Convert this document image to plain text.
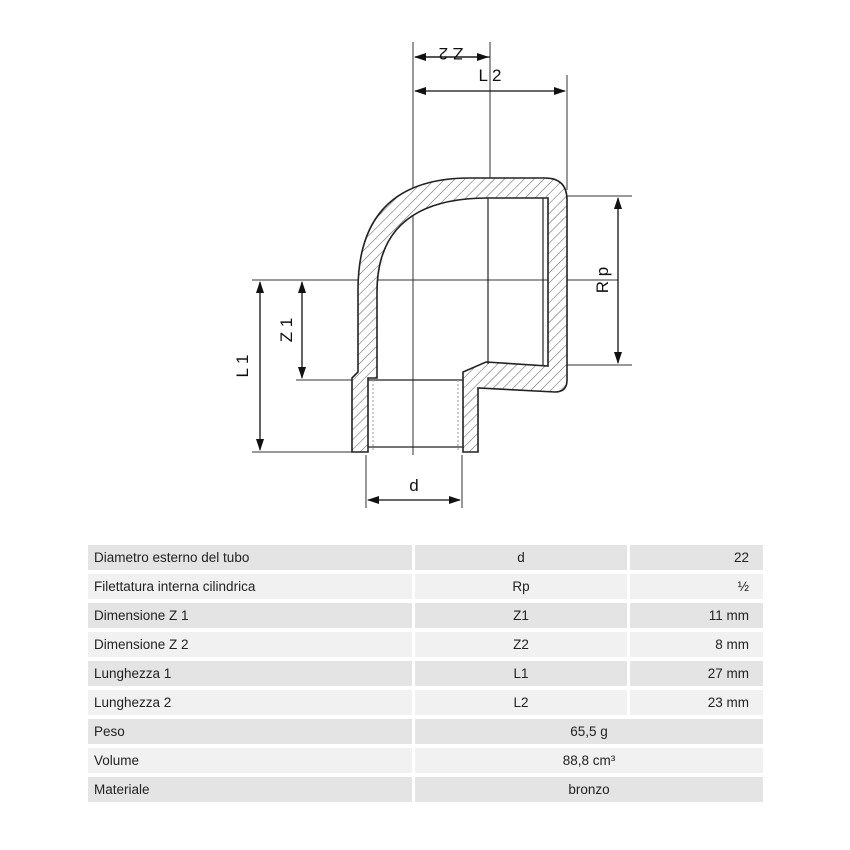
Z 2
L 2
Z 1
L 1
R p
d
Diametro esterno del tubo	d	22
Filettatura interna cilindrica	Rp	½
Dimensione Z 1	Z1	11 mm
Dimensione Z 2	Z2	8 mm
Lunghezza 1	L1	27 mm
Lunghezza 2	L2	23 mm
Peso	65,5 g	
Volume	88,8 cm³	
Materiale	bronzo	
